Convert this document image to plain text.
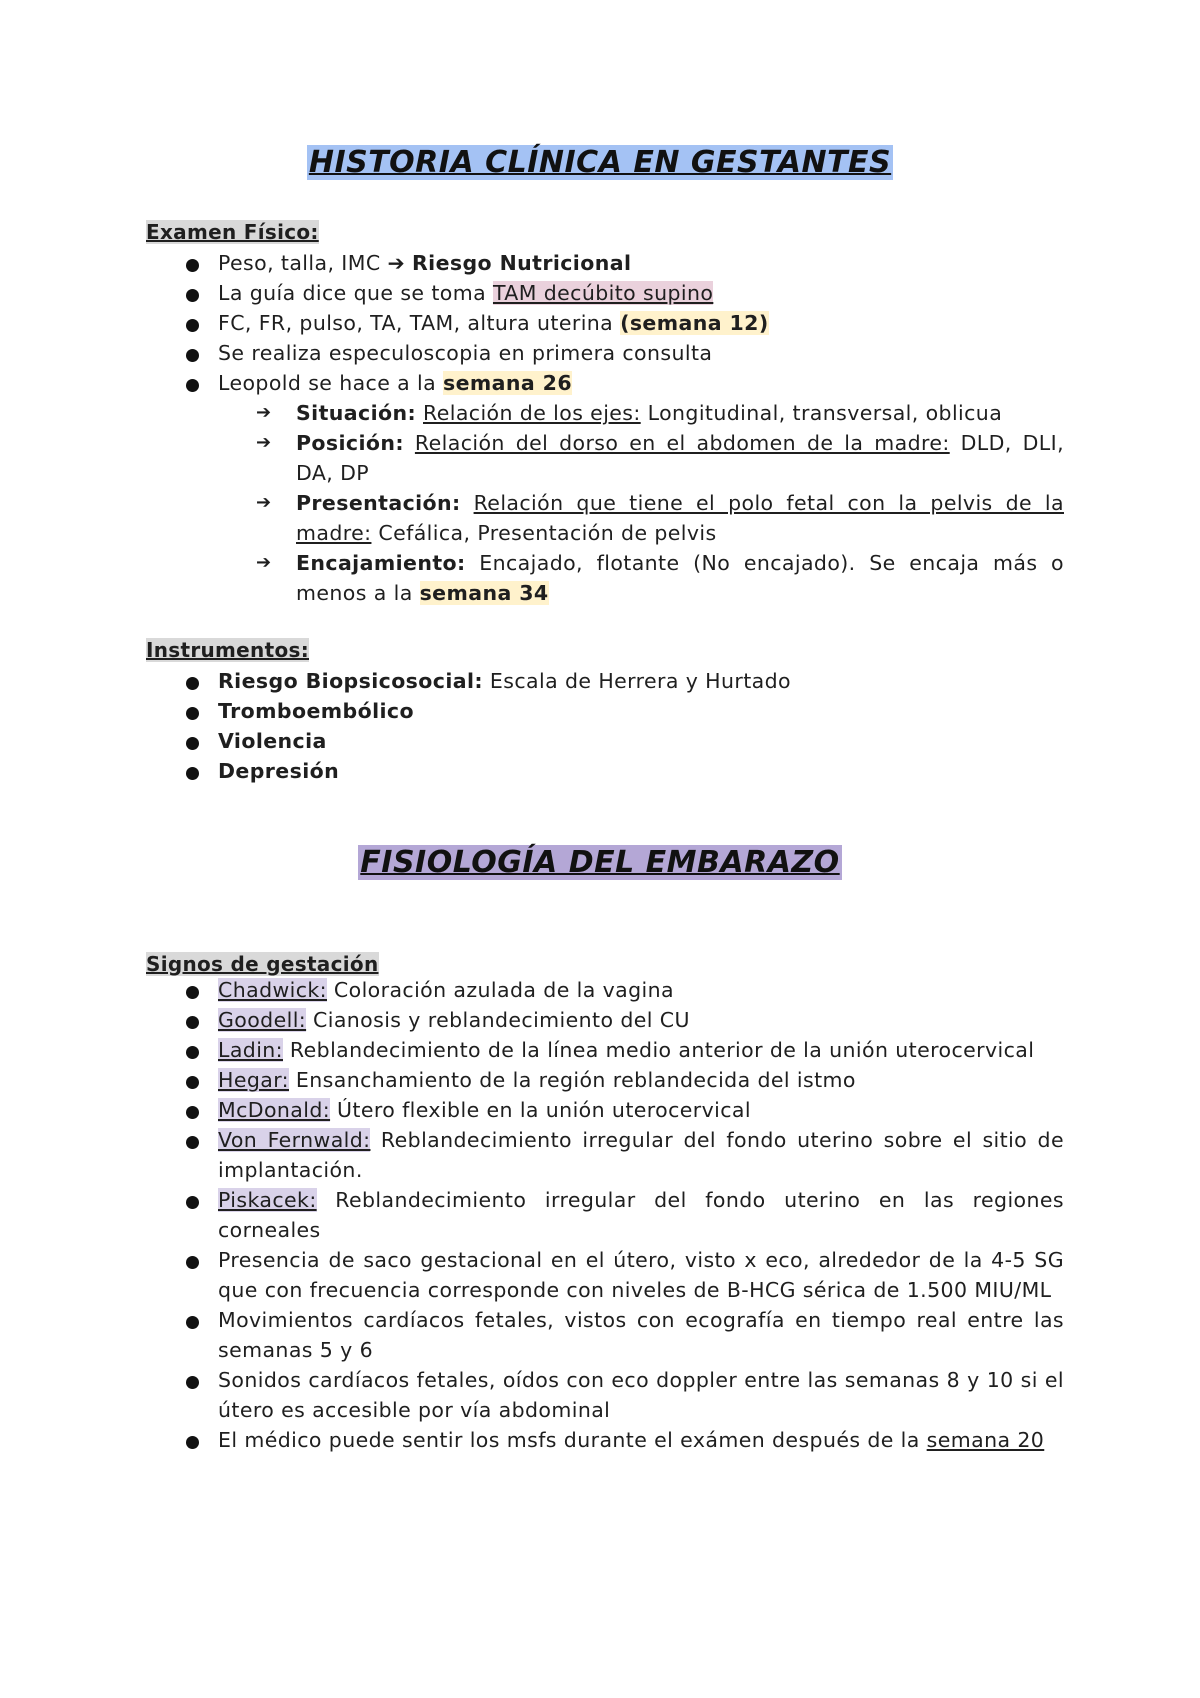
HISTORIA CLÍNICA EN GESTANTES
Examen Físico:
Peso, talla, IMC ➔ Riesgo Nutricional
La guía dice que se toma TAM decúbito supino
FC, FR, pulso, TA, TAM, altura uterina (semana 12)
Se realiza especuloscopia en primera consulta
Leopold se hace a la semana 26
➔ Situación: Relación de los ejes: Longitudinal, transversal, oblicua
➔ Posición: Relación del dorso en el abdomen de la madre: DLD, DLI, DA, DP
➔ Presentación: Relación que tiene el polo fetal con la pelvis de la madre: Cefálica, Presentación de pelvis
➔ Encajamiento: Encajado, flotante (No encajado). Se encaja más o menos a la semana 34
Instrumentos:
Riesgo Biopsicosocial: Escala de Herrera y Hurtado
Tromboembólico
Violencia
Depresión
FISIOLOGÍA DEL EMBARAZO
Signos de gestación
Chadwick: Coloración azulada de la vagina
Goodell: Cianosis y reblandecimiento del CU
Ladin: Reblandecimiento de la línea medio anterior de la unión uterocervical
Hegar: Ensanchamiento de la región reblandecida del istmo
McDonald: Útero flexible en la unión uterocervical
Von Fernwald: Reblandecimiento irregular del fondo uterino sobre el sitio de implantación.
Piskacek: Reblandecimiento irregular del fondo uterino en las regiones corneales
Presencia de saco gestacional en el útero, visto x eco, alrededor de la 4-5 SG que con frecuencia corresponde con niveles de B-HCG sérica de 1.500 MIU/ML
Movimientos cardíacos fetales, vistos con ecografía en tiempo real entre las semanas 5 y 6
Sonidos cardíacos fetales, oídos con eco doppler entre las semanas 8 y 10 si el útero es accesible por vía abdominal
El médico puede sentir los msfs durante el exámen después de la semana 20
